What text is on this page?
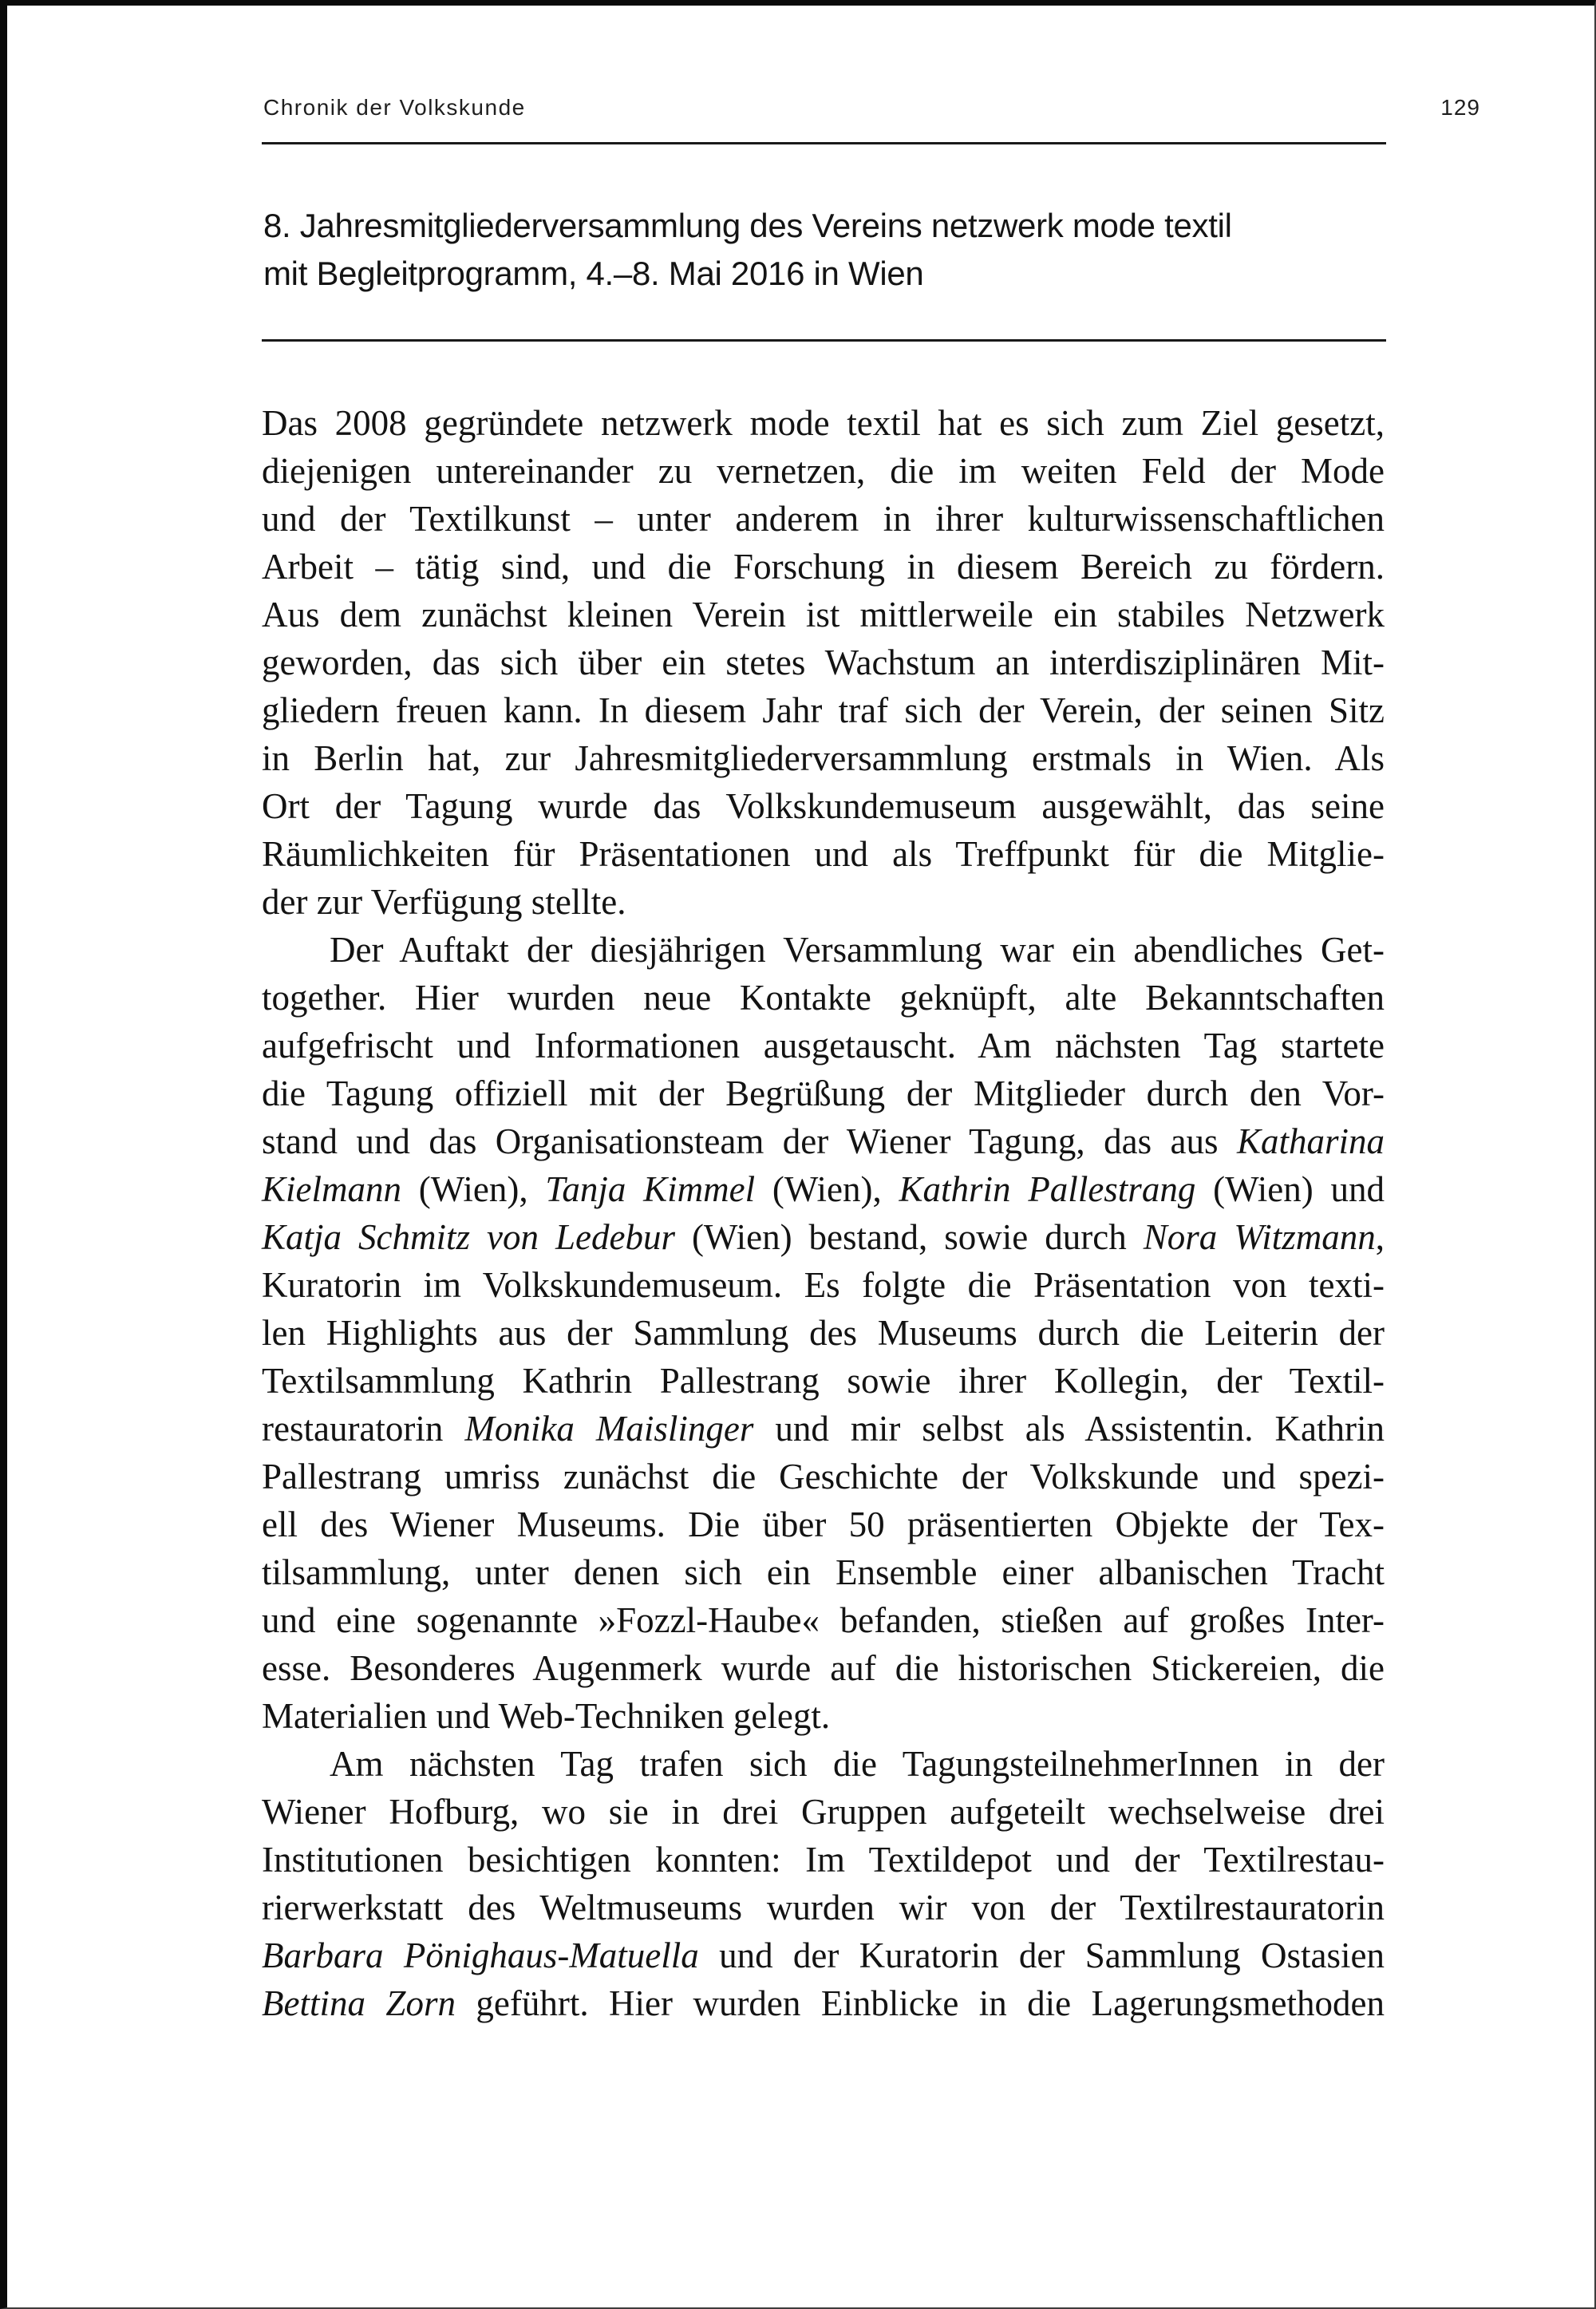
Chronik der Volkskunde	129
8. Jahresmitgliederversammlung des Vereins netzwerk mode textil
mit Begleitprogramm, 4.–8. Mai 2016 in Wien
Das 2008 gegründete netzwerk mode textil hat es sich zum Ziel gesetzt,
diejenigen untereinander zu vernetzen, die im weiten Feld der Mode
und der Textilkunst – unter anderem in ihrer kulturwissenschaftlichen
Arbeit – tätig sind, und die Forschung in diesem Bereich zu fördern.
Aus dem zunächst kleinen Verein ist mittlerweile ein stabiles Netzwerk
geworden, das sich über ein stetes Wachstum an interdisziplinären Mit-
gliedern freuen kann. In diesem Jahr traf sich der Verein, der seinen Sitz
in Berlin hat, zur Jahresmitgliederversammlung erstmals in Wien. Als
Ort der Tagung wurde das Volkskundemuseum ausgewählt, das seine
Räumlichkeiten für Präsentationen und als Treffpunkt für die Mitglie-
der zur Verfügung stellte.
Der Auftakt der diesjährigen Versammlung war ein abendliches Get-
together. Hier wurden neue Kontakte geknüpft, alte Bekanntschaften
aufgefrischt und Informationen ausgetauscht. Am nächsten Tag startete
die Tagung offiziell mit der Begrüßung der Mitglieder durch den Vor-
stand und das Organisationsteam der Wiener Tagung, das aus Katharina
Kielmann (Wien), Tanja Kimmel (Wien), Kathrin Pallestrang (Wien) und
Katja Schmitz von Ledebur (Wien) bestand, sowie durch Nora Witzmann,
Kuratorin im Volkskundemuseum. Es folgte die Präsentation von texti-
len Highlights aus der Sammlung des Museums durch die Leiterin der
Textilsammlung Kathrin Pallestrang sowie ihrer Kollegin, der Textil-
restauratorin Monika Maislinger und mir selbst als Assistentin. Kathrin
Pallestrang umriss zunächst die Geschichte der Volkskunde und spezi-
ell des Wiener Museums. Die über 50 präsentierten Objekte der Tex-
tilsammlung, unter denen sich ein Ensemble einer albanischen Tracht
und eine sogenannte »Fozzl-Haube« befanden, stießen auf großes Inter-
esse. Besonderes Augenmerk wurde auf die historischen Stickereien, die
Materialien und Web-Techniken gelegt.
Am nächsten Tag trafen sich die TagungsteilnehmerInnen in der
Wiener Hofburg, wo sie in drei Gruppen aufgeteilt wechselweise drei
Institutionen besichtigen konnten: Im Textildepot und der Textilrestau-
rierwerkstatt des Weltmuseums wurden wir von der Textilrestauratorin
Barbara Pönighaus-Matuella und der Kuratorin der Sammlung Ostasien
Bettina Zorn geführt. Hier wurden Einblicke in die Lagerungsmethoden
